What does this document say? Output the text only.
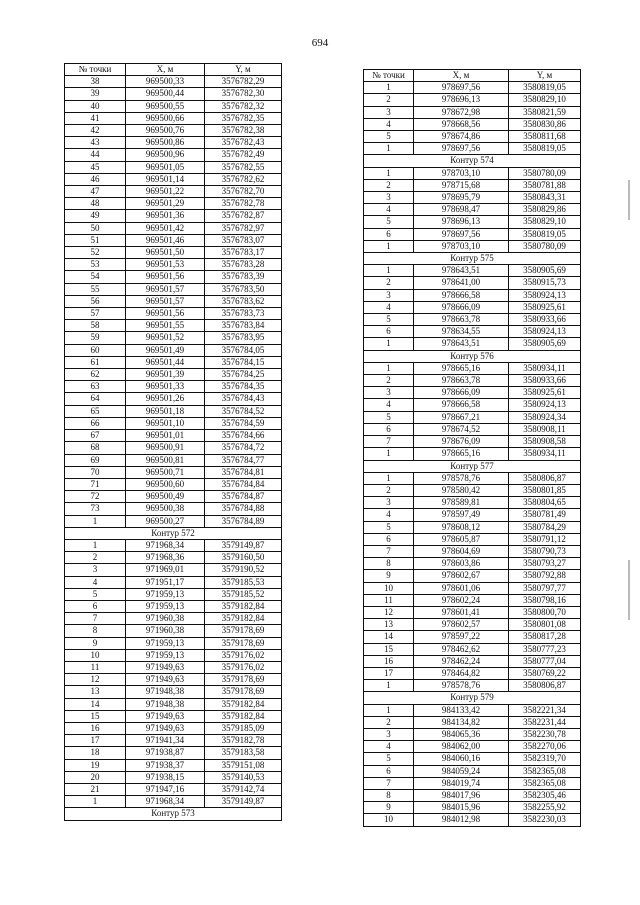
694
№ точки	X, м	Y, м
38	969500,33	3576782,29
39	969500,44	3576782,30
40	969500,55	3576782,32
41	969500,66	3576782,35
42	969500,76	3576782,38
43	969500,86	3576782,43
44	969500,96	3576782,49
45	969501,05	3576782,55
46	969501,14	3576782,62
47	969501,22	3576782,70
48	969501,29	3576782,78
49	969501,36	3576782,87
50	969501,42	3576782,97
51	969501,46	3576783,07
52	969501,50	3576783,17
53	969501,53	3576783,28
54	969501,56	3576783,39
55	969501,57	3576783,50
56	969501,57	3576783,62
57	969501,56	3576783,73
58	969501,55	3576783,84
59	969501,52	3576783,95
60	969501,49	3576784,05
61	969501,44	3576784,15
62	969501,39	3576784,25
63	969501,33	3576784,35
64	969501,26	3576784,43
65	969501,18	3576784,52
66	969501,10	3576784,59
67	969501,01	3576784,66
68	969500,91	3576784,72
69	969500,81	3576784,77
70	969500,71	3576784,81
71	969500,60	3576784,84
72	969500,49	3576784,87
73	969500,38	3576784,88
1	969500,27	3576784,89
Контур 572		
1	971968,34	3579149,87
2	971968,36	3579160,50
3	971969,01	3579190,52
4	971951,17	3579185,53
5	971959,13	3579185,52
6	971959,13	3579182,84
7	971960,38	3579182,84
8	971960,38	3579178,69
9	971959,13	3579178,69
10	971959,13	3579176,02
11	971949,63	3579176,02
12	971949,63	3579178,69
13	971948,38	3579178,69
14	971948,38	3579182,84
15	971949,63	3579182,84
16	971949,63	3579185,09
17	971941,34	3579182,78
18	971938,87	3579183,58
19	971938,37	3579151,08
20	971938,15	3579140,53
21	971947,16	3579142,74
1	971968,34	3579149,87
Контур 573		
№ точки	X, м	Y, м
1	978697,56	3580819,05
2	978696,13	3580829,10
3	978672,98	3580821,59
4	978668,56	3580830,86
5	978674,86	3580811,68
1	978697,56	3580819,05
Контур 574		
1	978703,10	3580780,09
2	978715,68	3580781,88
3	978695,79	3580843,31
4	978698,47	3580829,86
5	978696,13	3580829,10
6	978697,56	3580819,05
1	978703,10	3580780,09
Контур 575		
1	978643,51	3580905,69
2	978641,00	3580915,73
3	978666,58	3580924,13
4	978666,09	3580925,61
5	978663,78	3580933,66
6	978634,55	3580924,13
1	978643,51	3580905,69
Контур 576		
1	978665,16	3580934,11
2	978663,78	3580933,66
3	978666,09	3580925,61
4	978666,58	3580924,13
5	978667,21	3580924,34
6	978674,52	3580908,11
7	978676,09	3580908,58
1	978665,16	3580934,11
Контур 577		
1	978578,76	3580806,87
2	978580,42	3580801,85
3	978589,81	3580804,65
4	978597,49	3580781,49
5	978608,12	3580784,29
6	978605,87	3580791,12
7	978604,69	3580790,73
8	978603,86	3580793,27
9	978602,67	3580792,88
10	978601,06	3580797,77
11	978602,24	3580798,16
12	978601,41	3580800,70
13	978602,57	3580801,08
14	978597,22	3580817,28
15	978462,62	3580777,23
16	978462,24	3580777,04
17	978464,82	3580769,22
1	978578,76	3580806,87
Контур 579		
1	984133,42	3582221,34
2	984134,82	3582231,44
3	984065,36	3582230,78
4	984062,00	3582270,06
5	984060,16	3582319,70
6	984059,24	3582365,08
7	984019,74	3582365,08
8	984017,96	3582305,46
9	984015,96	3582255,92
10	984012,98	3582230,03
